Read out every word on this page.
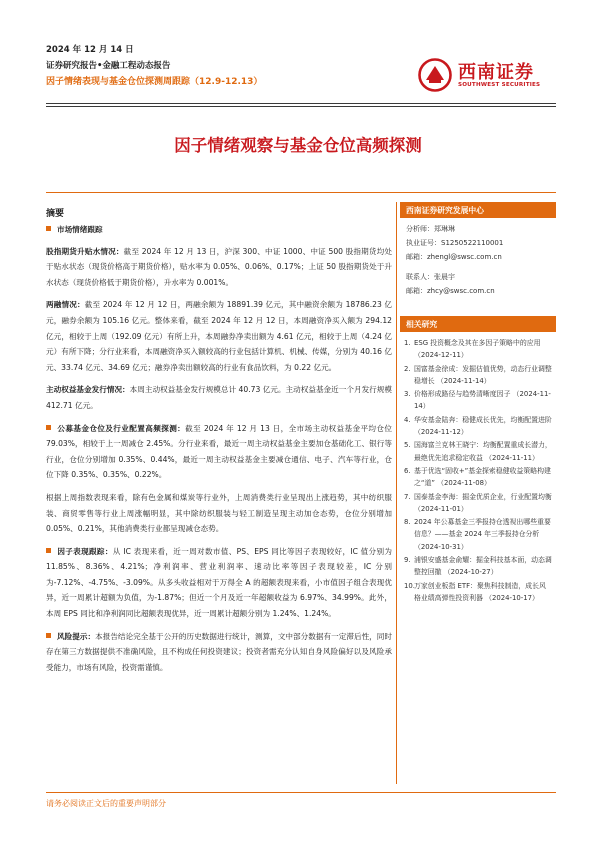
2024 年 12 月 14 日
证券研究报告•金融工程动态报告
因子情绪表现与基金仓位探测周跟踪（12.9-12.13）	西南证券
SOUTHWEST SECURITIES
因子情绪观察与基金仓位高频探测
摘要
市场情绪跟踪

股指期货升贴水情况：截至 2024 年 12 月 13 日，沪深 300、中证 1000、中证 500 股指期货均处于贴水状态（现货价格高于期货价格），贴水率为 0.05%、0.06%、0.17%；上证 50 股指期货处于升水状态（现货价格低于期货价格），升水率为 0.001%。

两融情况：截至 2024 年 12 月 12 日，两融余额为 18891.39 亿元，其中融资余额为 18786.23 亿元，融券余额为 105.16 亿元。整体来看，截至 2024 年 12 月 12 日，本周融资净买入额为 294.12 亿元，相较于上周（192.09 亿元）有所上升，本周融券净卖出额为 4.61 亿元，相较于上周（4.24 亿元）有所下降；分行业来看，本周融资净买入额较高的行业包括计算机、机械、传媒，分别为 40.16 亿元、33.74 亿元、34.69 亿元；融券净卖出额较高的行业有食品饮料，为 0.22 亿元。

主动权益基金发行情况：本周主动权益基金发行规模总计 40.73 亿元。主动权益基金近一个月发行规模 412.71 亿元。

公募基金仓位及行业配置高频探测：截至 2024 年 12 月 13 日，全市场主动权益基金平均仓位 79.03%，相较于上一周减仓 2.45%。分行业来看，最近一周主动权益基金主要加仓基础化工、银行等行业，仓位分别增加 0.35%、0.44%，最近一周主动权益基金主要减仓通信、电子、汽车等行业，仓位下降 0.35%、0.35%、0.22%。

根据上周指数表现来看，除有色金属和煤炭等行业外，上周消费类行业呈现出上涨趋势，其中纺织服装、商贸零售等行业上周涨幅明显，其中除纺织服装与轻工制造呈现主动加仓态势，仓位分别增加 0.05%、0.21%，其他消费类行业都呈现减仓态势。

因子表现跟踪：从 IC 表现来看，近一周对数市值、PS、EPS 同比等因子表现较好，IC 值分别为 11.85%、8.36%、4.21%；净利润率、营业利润率、速动比率等因子表现较差，IC 分别为-7.12%、-4.75%、-3.09%。从多头收益相对于万得全 A 的超额表现来看，小市值因子组合表现优异，近一周累计超额为负值，为-1.87%；但近一个月及近一年超额收益为 6.97%、34.99%。此外，本周 EPS 同比和净利润同比超额表现优异，近一周累计超额分别为 1.24%、1.24%。

风险提示：本报告结论完全基于公开的历史数据进行统计，测算，文中部分数据有一定滞后性，同时存在第三方数据提供不准确风险，且不构成任何投资建议；投资者需充分认知自身风险偏好以及风险承受能力，市场有风险，投资需谨慎。

西南证券研究发展中心
分析师：郑琳琳
执业证号：S1250522110001
邮箱：zhengl@swsc.com.cn
联系人：张晨宇
邮箱：zhcy@swsc.com.cn
相关研究
1. ESG 投资概念及其在多因子策略中的应用 （2024-12-11）
2. 国富基金徐成：发掘估值优势，动态行业调整稳增长 （2024-11-14）
3. 价格形成路径与趋势清晰度因子 （2024-11-14）
4. 华安基金陆奔：稳健成长优先，均衡配置进阶 （2024-11-12）
5. 国海富兰克林王晓宁：均衡配置重成长潜力，最绝优先追求稳定收益 （2024-11-11）
6. 基于优选“固收+”基金探索稳健收益策略构建之“道” （2024-11-08）
7. 国泰基金李海：掘金优质企业，行业配置均衡 （2024-11-01）
8. 2024 年公募基金三季报持仓透视出哪些重要信息？——基金 2024 年三季报持仓分析 （2024-10-31）
9. 浦银安盛基金俞耀：掘金科技基本面，动态调整控回撤 （2024-10-27）
10. 万家创业板指 ETF：聚焦科技制造，成长风格业绩高弹性投资利器 （2024-10-17）
请务必阅读正文后的重要声明部分
